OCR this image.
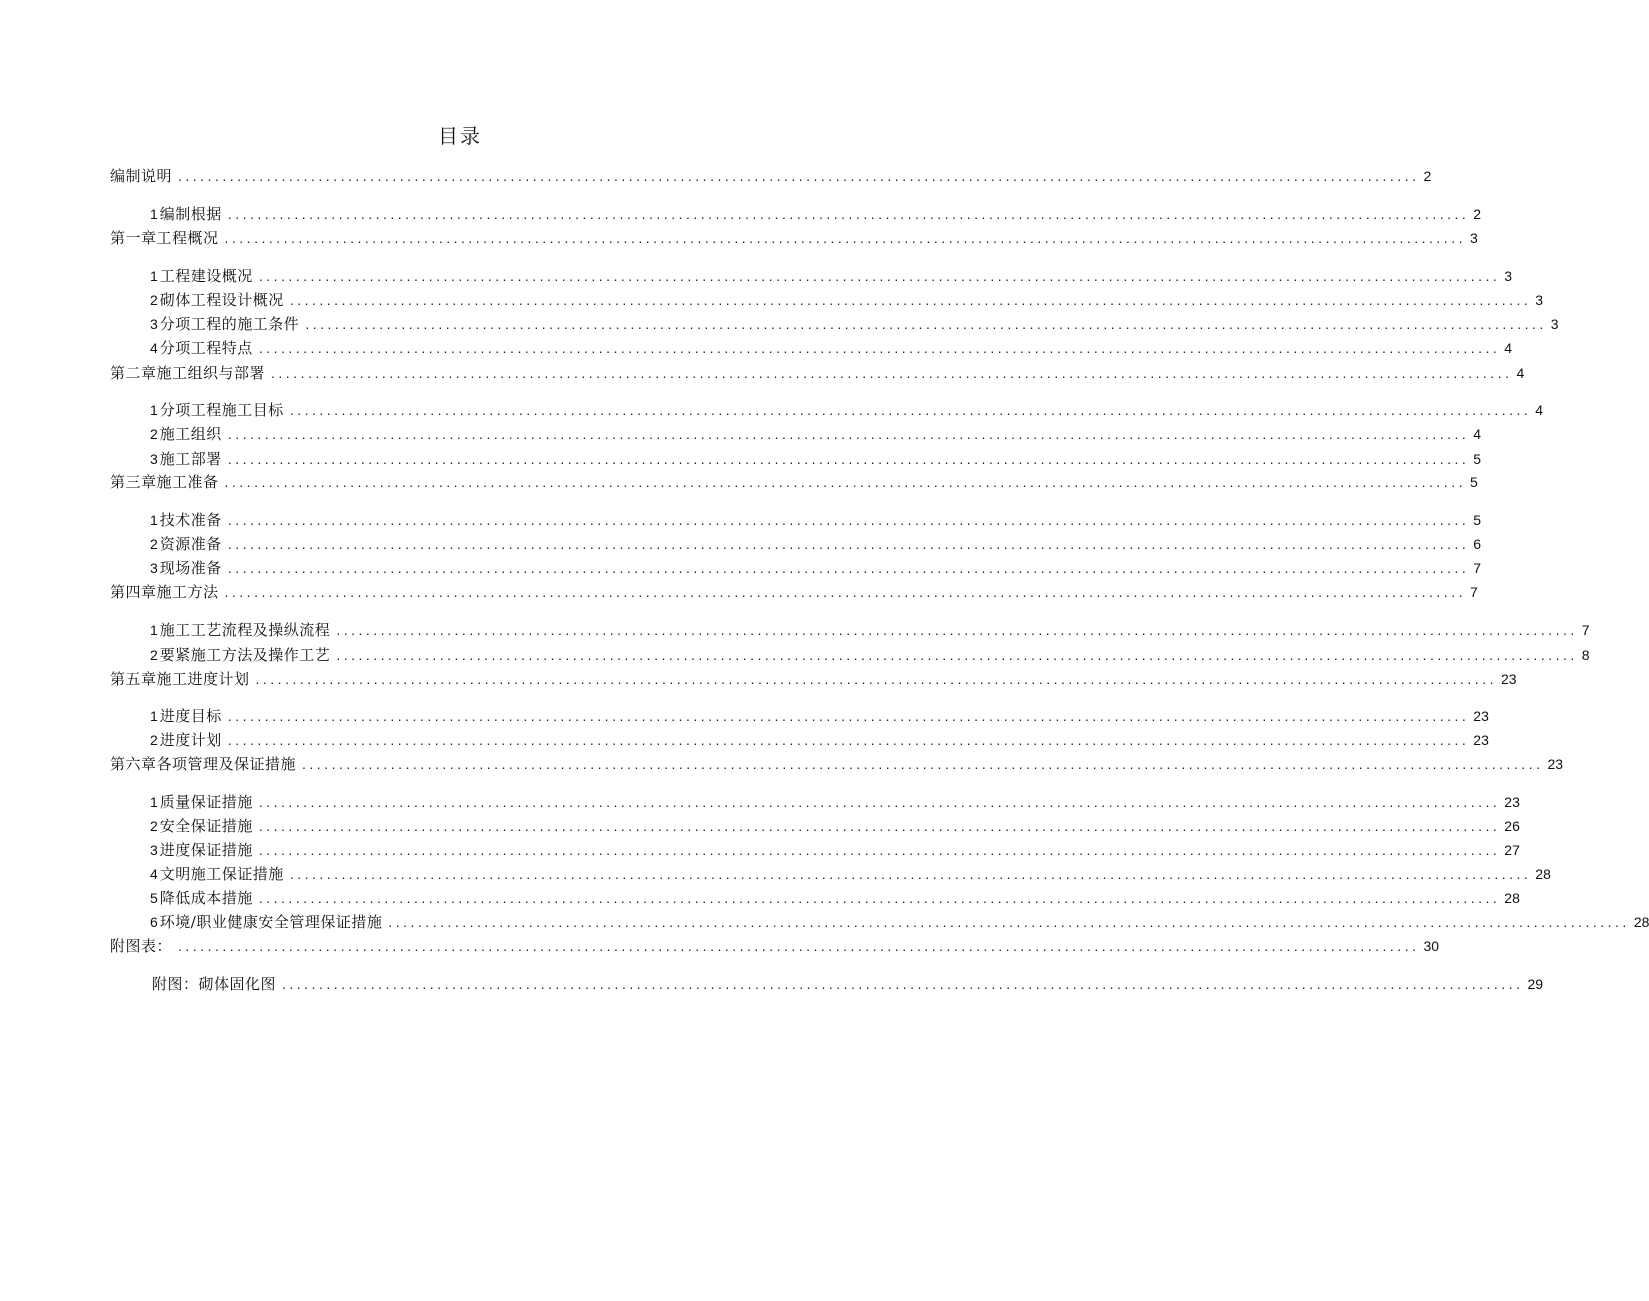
目录
编制说明 ........................................................................................................................................................................ 2
1 编制根据 ........................................................................................................................................................................ 2
第一章工程概况 ........................................................................................................................................................................ 3
1 工程建设概况 ........................................................................................................................................................................ 3
2 砌体工程设计概况 ........................................................................................................................................................................ 3
3 分项工程的施工条件 ........................................................................................................................................................................ 3
4 分项工程特点 ........................................................................................................................................................................ 4
第二章施工组织与部署 ........................................................................................................................................................................ 4
1 分项工程施工目标 ........................................................................................................................................................................ 4
2 施工组织 ........................................................................................................................................................................ 4
3 施工部署 ........................................................................................................................................................................ 5
第三章施工准备 ........................................................................................................................................................................ 5
1 技术准备 ........................................................................................................................................................................ 5
2 资源准备 ........................................................................................................................................................................ 6
3 现场准备 ........................................................................................................................................................................ 7
第四章施工方法 ........................................................................................................................................................................ 7
1 施工工艺流程及操纵流程 ........................................................................................................................................................................ 7
2 要紧施工方法及操作工艺 ........................................................................................................................................................................ 8
第五章施工进度计划 ........................................................................................................................................................................ 23
1 进度目标 ........................................................................................................................................................................ 23
2 进度计划 ........................................................................................................................................................................ 23
第六章各项管理及保证措施 ........................................................................................................................................................................ 23
1 质量保证措施 ........................................................................................................................................................................ 23
2 安全保证措施 ........................................................................................................................................................................ 26
3 进度保证措施 ........................................................................................................................................................................ 27
4 文明施工保证措施 ........................................................................................................................................................................ 28
5 降低成本措施 ........................................................................................................................................................................ 28
6 环境/职业健康安全管理保证措施 ........................................................................................................................................................................ 28
附图表： ........................................................................................................................................................................ 30
附图：砌体固化图 ........................................................................................................................................................................ 29
